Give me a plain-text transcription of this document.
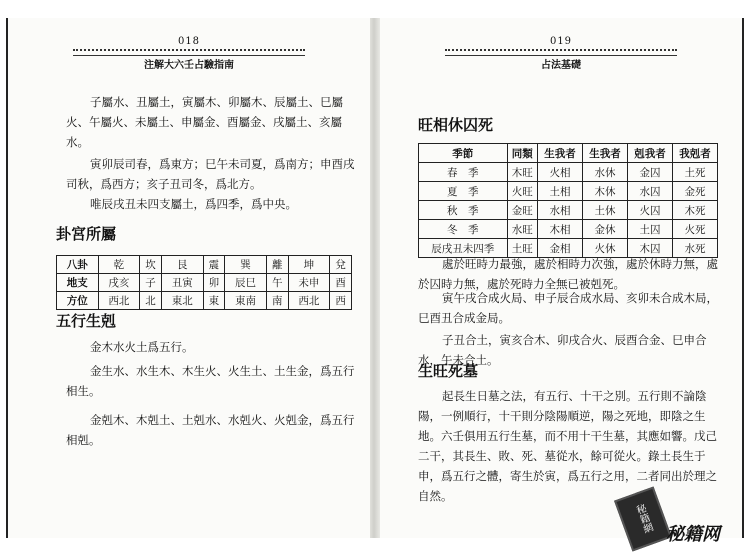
018
注解大六壬占驗指南
子屬水、丑屬土，寅屬木、卯屬木、辰屬土、巳屬火、午屬火、未屬土、申屬金、酉屬金、戌屬土、亥屬水。
寅卯辰司春，爲東方；巳午未司夏，爲南方；申酉戌司秋，爲西方；亥子丑司冬，爲北方。
唯辰戌丑未四支屬土，爲四季，爲中央。
卦宮所屬
八卦	乾	坎	艮	震	巽	離	坤	兌
地支	戌亥	子	丑寅	卯	辰巳	午	未申	酉
方位	西北	北	東北	東	東南	南	西北	西
五行生剋
金木水火土爲五行。
金生水、水生木、木生火、火生土、土生金，爲五行相生。
金剋木、木剋土、土剋水、水剋火、火剋金，爲五行相剋。
019
占法基礎
旺相休囚死
季節	同類	生我者	生我者	剋我者	我剋者
春　季	木旺	火相	水休	金囚	土死
夏　季	火旺	土相	木休	水囚	金死
秋　季	金旺	水相	土休	火囚	木死
冬　季	水旺	木相	金休	土囚	火死
辰戌丑未四季	土旺	金相	火休	木囚	水死
處於旺時力最強，處於相時力次強，處於休時力無，處於囚時力無，處於死時力全無已被剋死。
寅午戌合成火局、申子辰合成水局、亥卯未合成木局，巳酉丑合成金局。
子丑合土，寅亥合木、卯戌合火、辰酉合金、巳申合水，午未合土。
生旺死墓
起長生日墓之法，有五行、十干之別。五行則不論陰陽，一例順行，十干則分陰陽順逆，陽之死地，即陰之生地。六壬俱用五行生墓，而不用十干生墓，其應如響。戊己二干，其長生、敗、死、墓從水，餘可從火。錄土長生于申，爲五行之體，寄生於寅，爲五行之用，二者同出於理之自然。
秘籍網 秘籍网
